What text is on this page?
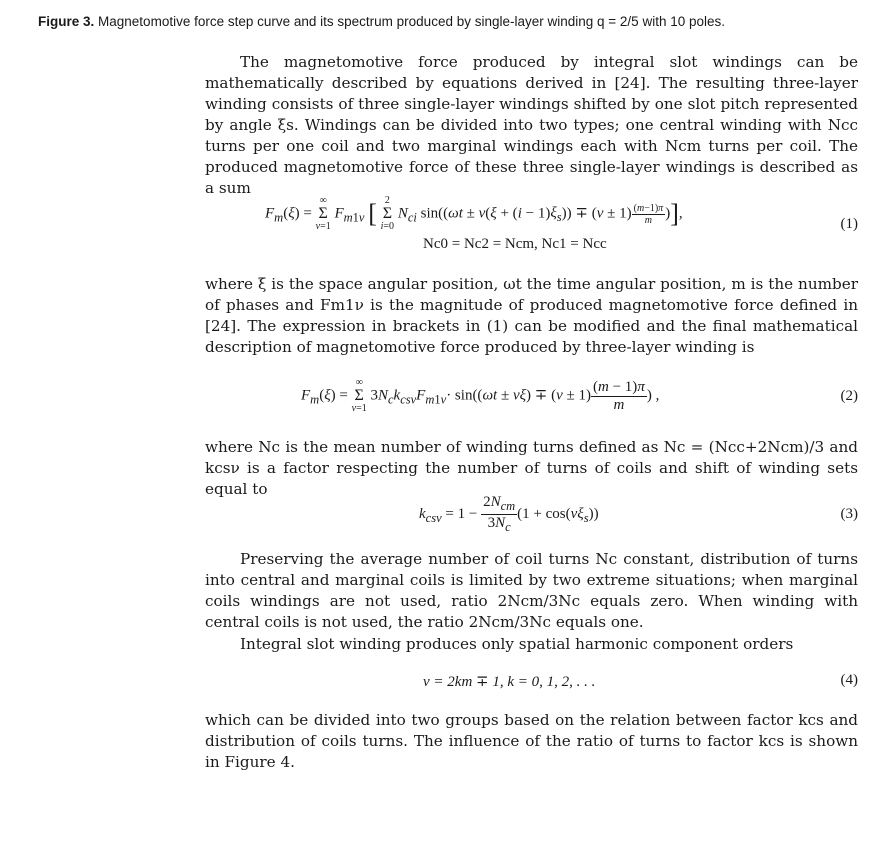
Figure 3. Magnetomotive force step curve and its spectrum produced by single-layer winding q = 2/5 with 10 poles.

The magnetomotive force produced by integral slot windings can be mathematically described by equations derived in [24]. The resulting three-layer winding consists of three single-layer windings shifted by one slot pitch represented by angle ξs. Windings can be divided into two types; one central winding with Ncc turns per one coil and two marginal windings each with Ncm turns per coil. The produced magnetomotive force of these three single-layer windings is described as a sum

$F_m(\xi)$ =
∞
Σ
ν=1
$F_{m1\nu}$ [ 2
Σ
i=0
$N_{ci}$ $\sin((\omega t \pm \nu(\xi + (i - 1)\xi_s)) \mp (\nu \pm 1) \frac{(m-1)\pi}{m}$ )],
Nc0 = Nc2 = Ncm, Nc1 = Ncc
(1)

where ξ is the space angular position, ωt the time angular position, m is the number of phases and Fm1ν is the magnitude of produced magnetomotive force defined in [24]. The expression in brackets in (1) can be modified and the final mathematical description of magnetomotive force produced by three-layer winding is

$F_m(\xi)$ =
∞
Σ
ν=1
$3N_ck_{cs\nu}F_{m1\nu}\cdot \sin((\omega t \pm \nu\xi) \mp (\nu \pm 1) \frac{(m - 1)\pi}{m}$ ) ,	(2)

where Nc is the mean number of winding turns defined as Nc = (Ncc+2Ncm)/3 and kcsν is a factor respecting the number of turns of coils and shift of winding sets equal to

$k_{cs\nu} = 1 - \frac{2N_{cm}}{3N_c} (1 + \cos(\nu\xi_s))$	(3)

Preserving the average number of coil turns Nc constant, distribution of turns into central and marginal coils is limited by two extreme situations; when marginal coils windings are not used, ratio 2Ncm/3Nc equals zero. When winding with central coils is not used, the ratio 2Ncm/3Nc equals one.

Integral slot winding produces only spatial harmonic component orders

ν = 2km ∓ 1, k = 0, 1, 2, . . .	(4)

which can be divided into two groups based on the relation between factor kcs and distribution of coils turns. The influence of the ratio of turns to factor kcs is shown in Figure 4.
